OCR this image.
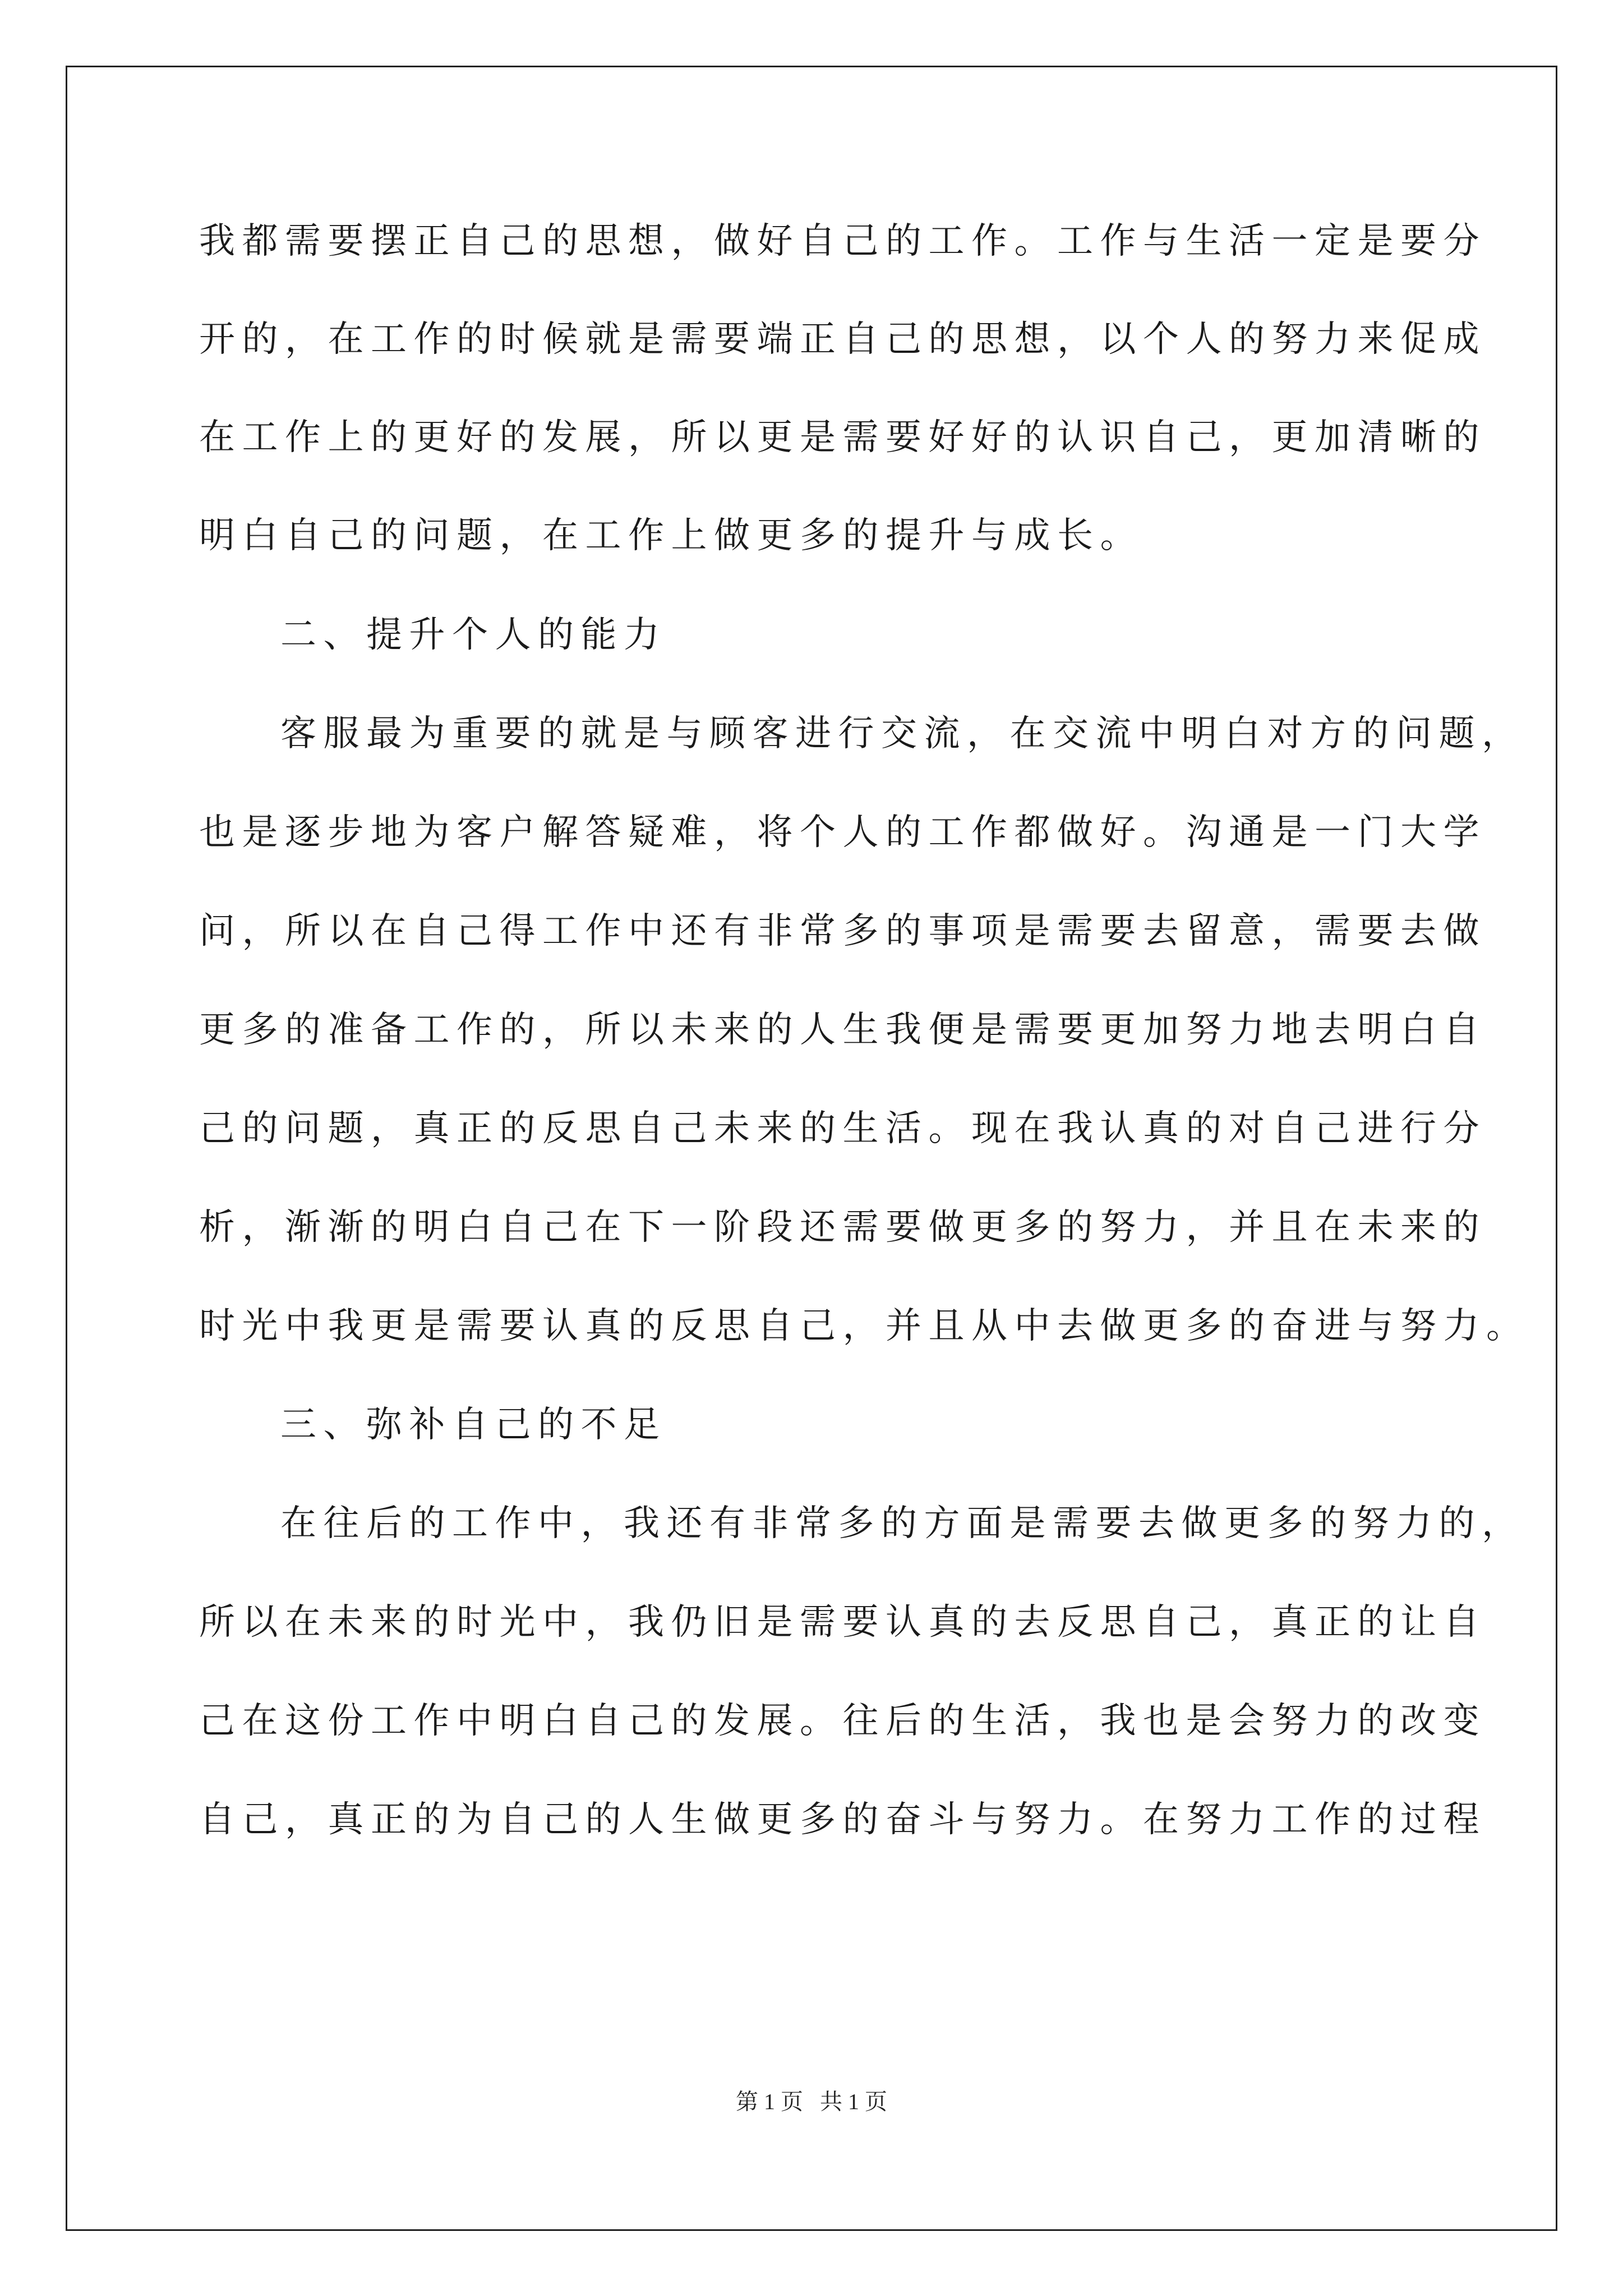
我都需要摆正自己的思想，做好自己的工作。工作与生活一定是要分
开的，在工作的时候就是需要端正自己的思想，以个人的努力来促成
在工作上的更好的发展，所以更是需要好好的认识自己，更加清晰的
明白自己的问题，在工作上做更多的提升与成长。
二、提升个人的能力
客服最为重要的就是与顾客进行交流，在交流中明白对方的问题，
也是逐步地为客户解答疑难，将个人的工作都做好。沟通是一门大学
问，所以在自己得工作中还有非常多的事项是需要去留意，需要去做
更多的准备工作的，所以未来的人生我便是需要更加努力地去明白自
己的问题，真正的反思自己未来的生活。现在我认真的对自己进行分
析，渐渐的明白自己在下一阶段还需要做更多的努力，并且在未来的
时光中我更是需要认真的反思自己，并且从中去做更多的奋进与努力。
三、弥补自己的不足
在往后的工作中，我还有非常多的方面是需要去做更多的努力的，
所以在未来的时光中，我仍旧是需要认真的去反思自己，真正的让自
己在这份工作中明白自己的发展。往后的生活，我也是会努力的改变
自己，真正的为自己的人生做更多的奋斗与努力。在努力工作的过程
第 1 页   共 1 页
